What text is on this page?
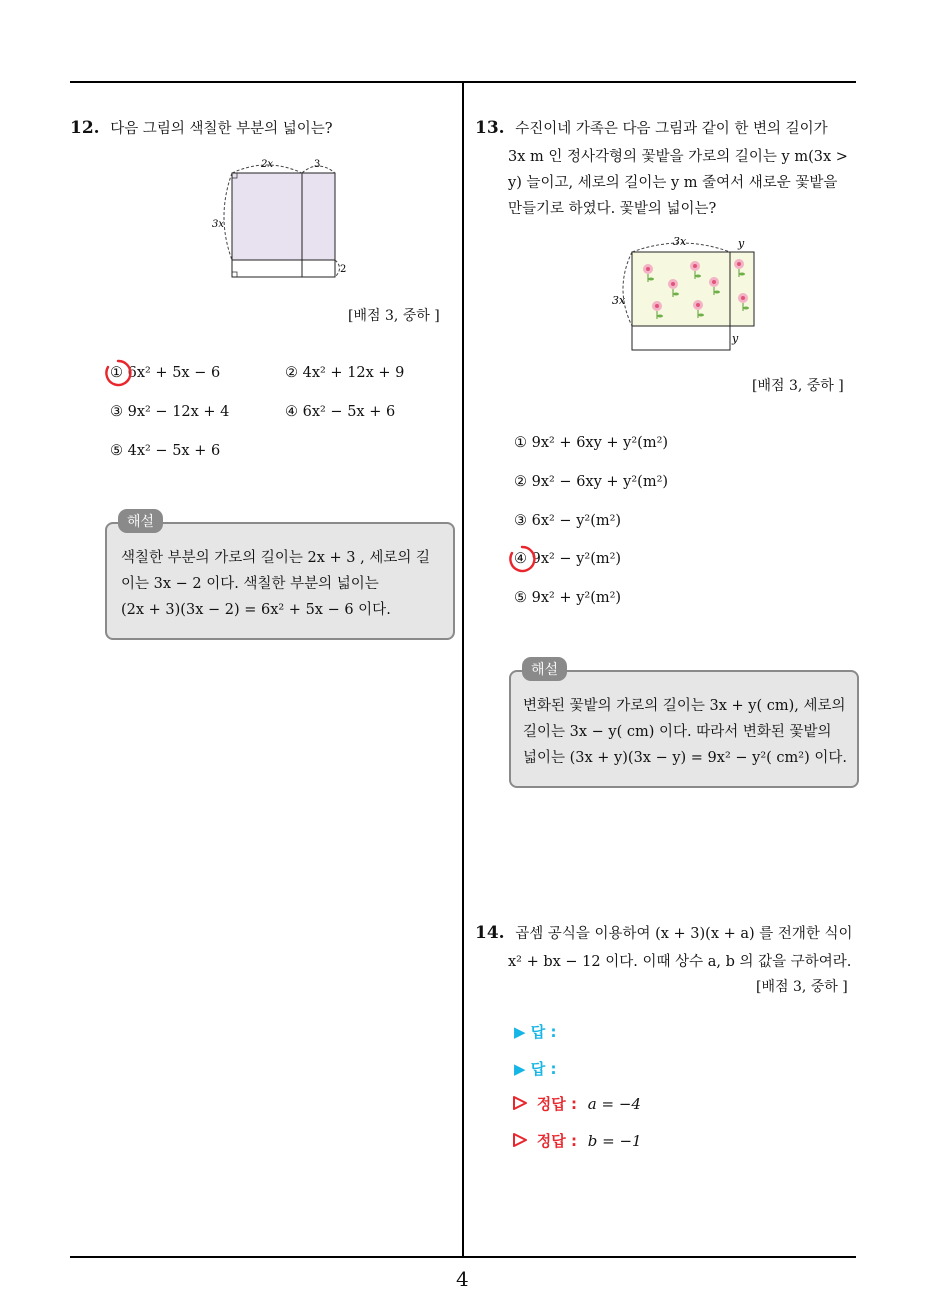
12. 다음 그림의 색칠한 부분의 넓이는?
2x	3
3x
2
[배점 3, 중하 ]
① 6x² + 5x − 6	② 4x² + 12x + 9
③ 9x² − 12x + 4	④ 6x² − 5x + 6
⑤ 4x² − 5x + 6
색칠한 부분의 가로의 길이는 2x + 3 , 세로의 길
이는 3x − 2 이다. 색칠한 부분의 넓이는
(2x + 3)(3x − 2) = 6x² + 5x − 6 이다.
해설
13. 수진이네 가족은 다음 그림과 같이 한 변의 길이가
3x m 인 정사각형의 꽃밭을 가로의 길이는 y m(3x >
y) 늘이고, 세로의 길이는 y m 줄여서 새로운 꽃밭을
만들기로 하였다. 꽃밭의 넓이는?
3x	y
3x
y
[배점 3, 중하 ]
① 9x² + 6xy + y²(m²)
② 9x² − 6xy + y²(m²)
③ 6x² − y²(m²)
④ 9x² − y²(m²)
⑤ 9x² + y²(m²)
변화된 꽃밭의 가로의 길이는 3x + y( cm), 세로의
길이는 3x − y( cm) 이다. 따라서 변화된 꽃밭의
넓이는 (3x + y)(3x − y) = 9x² − y²( cm²) 이다.
해설
14. 곱셈 공식을 이용하여 (x + 3)(x + a) 를 전개한 식이
x² + bx − 12 이다. 이때 상수 a, b 의 값을 구하여라.
[배점 3, 중하 ]
▶ 답 :
▶ 답 :
정답 : a = −4
정답 : b = −1
4
